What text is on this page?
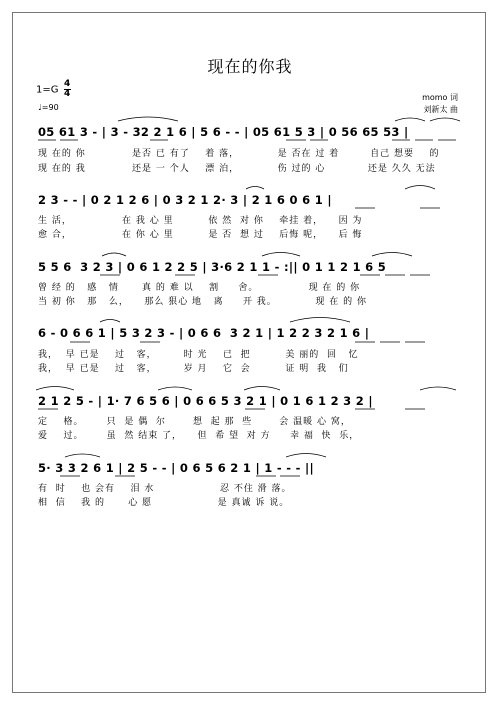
现在的你我
$1=G \frac{4}{4}$
♩=90
momo 词
刘新太 曲
05 61 3 - | 3 - 32 2 1 6 | 5 6 - - | 05 61 5 3 | 0 56 65 53 |
现 在的 你            是否 已 有了    着 落，          是 否在 过 着        自己 想要    的
现 在的 我            还是 一 个人    漂 泊，          伤 过的 心           还是 久久 无法
2 3 - - | 0 2 1 2 6 | 0 3 2 1 2· 3 | 2 1 6 0 6 1 |
生 活，             在 我 心 里         依 然  对 你    牵挂 着，    因 为
愈 合，             在 你 心 里         是 否  想 过    后悔 呢，    后 悔
5 5 6  3 2 3 | 0 6 1 2 2 5 | 3·6 2 1 1 - :|| 0 1 1 2 1 6 5
曾 经 的   感   情      真 的 难 以    割     舍。             现 在 的 你
当 初 你   那   么，    那么 狠心 地   离     开 我。          现 在 的 你
6 - 0 6 6 1 | 5 3 2 3 - | 0 6 6  3 2 1 | 1 2 2 3 2 1 6 |
我，  早 已是    过   客，       时 光    已  把         美 丽的  回   忆
我，  早 已是    过   客，       岁 月    它  会         证 明  我   们
2 1 2 5 - | 1· 7 6 5 6 | 0 6 6 5 3 2 1 | 0 1 6 1 2 3 2 |
定    格。      只  是 偶  尔       想  起 那  些       会 温暖 心 窝，
爱    过。      虽  然 结束 了，    但  希 望  对 方     幸 福  快  乐，
5· 3 3 2 6 1 | 2 5 - - | 0 6 5 6 2 1 | 1 - - - ||
有  时    也 会有    泪 水                 忍 不住 滑 落。
相  信    我 的      心 愿                 是 真诚 诉 说。
